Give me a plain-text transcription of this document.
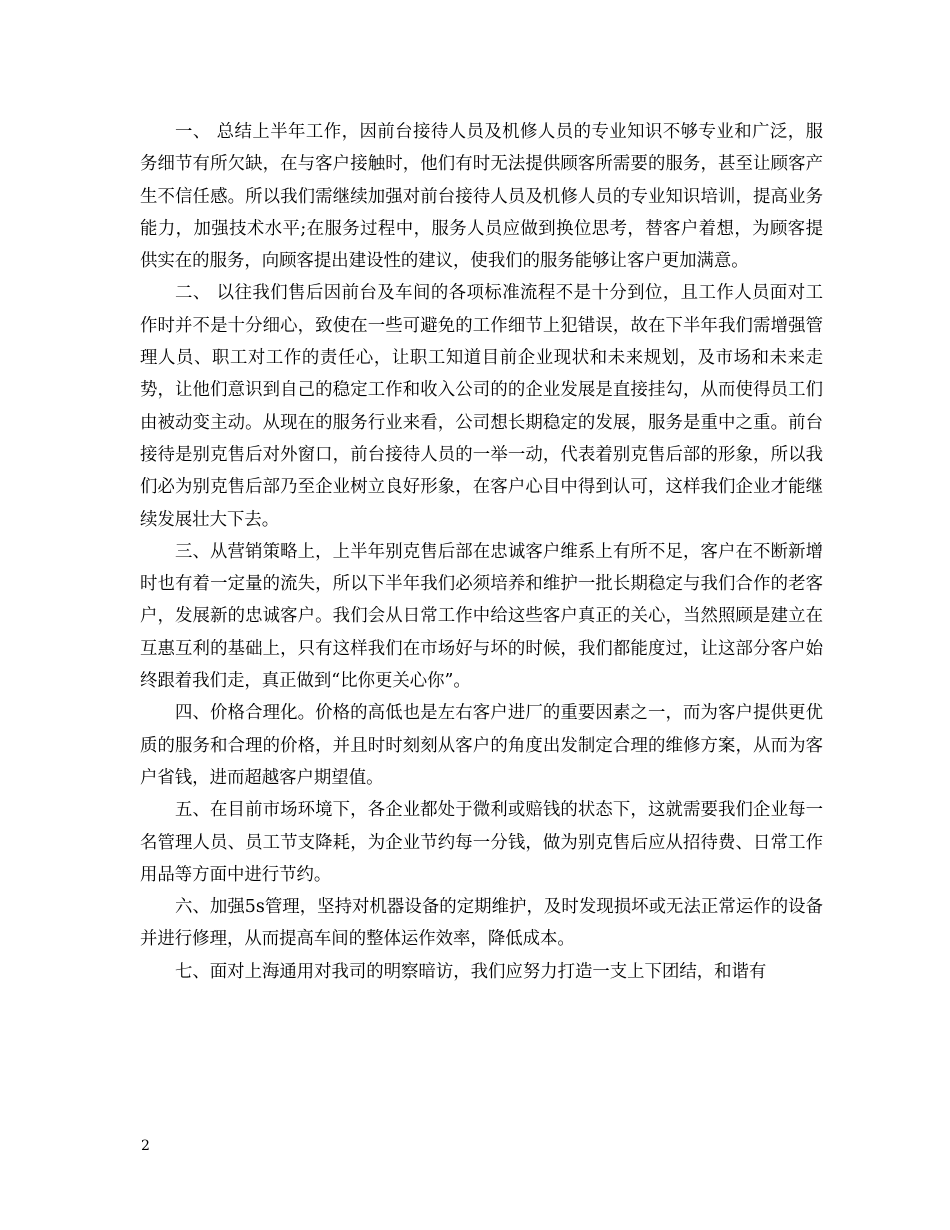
一、 总结上半年工作，因前台接待人员及机修人员的专业知识不够专业和广泛，服务细节有所欠缺，在与客户接触时，他们有时无法提供顾客所需要的服务，甚至让顾客产生不信任感。所以我们需继续加强对前台接待人员及机修人员的专业知识培训，提高业务能力，加强技术水平;在服务过程中，服务人员应做到换位思考，替客户着想，为顾客提供实在的服务，向顾客提出建设性的建议，使我们的服务能够让客户更加满意。

二、 以往我们售后因前台及车间的各项标准流程不是十分到位，且工作人员面对工作时并不是十分细心，致使在一些可避免的工作细节上犯错误，故在下半年我们需增强管理人员、职工对工作的责任心，让职工知道目前企业现状和未来规划，及市场和未来走势，让他们意识到自己的稳定工作和收入公司的的企业发展是直接挂勾，从而使得员工们由被动变主动。从现在的服务行业来看，公司想长期稳定的发展，服务是重中之重。前台接待是别克售后对外窗口，前台接待人员的一举一动，代表着别克售后部的形象，所以我们必为别克售后部乃至企业树立良好形象，在客户心目中得到认可，这样我们企业才能继续发展壮大下去。

三、从营销策略上，上半年别克售后部在忠诚客户维系上有所不足，客户在不断新增时也有着一定量的流失，所以下半年我们必须培养和维护一批长期稳定与我们合作的老客户，发展新的忠诚客户。我们会从日常工作中给这些客户真正的关心，当然照顾是建立在互惠互利的基础上，只有这样我们在市场好与坏的时候，我们都能度过，让这部分客户始终跟着我们走，真正做到“比你更关心你”。

四、价格合理化。价格的高低也是左右客户进厂的重要因素之一，而为客户提供更优质的服务和合理的价格，并且时时刻刻从客户的角度出发制定合理的维修方案，从而为客户省钱，进而超越客户期望值。

五、在目前市场环境下，各企业都处于微利或赔钱的状态下，这就需要我们企业每一名管理人员、员工节支降耗，为企业节约每一分钱，做为别克售后应从招待费、日常工作用品等方面中进行节约。

六、加强5s管理，坚持对机器设备的定期维护，及时发现损坏或无法正常运作的设备并进行修理，从而提高车间的整体运作效率，降低成本。

七、面对上海通用对我司的明察暗访，我们应努力打造一支上下团结，和谐有

2
